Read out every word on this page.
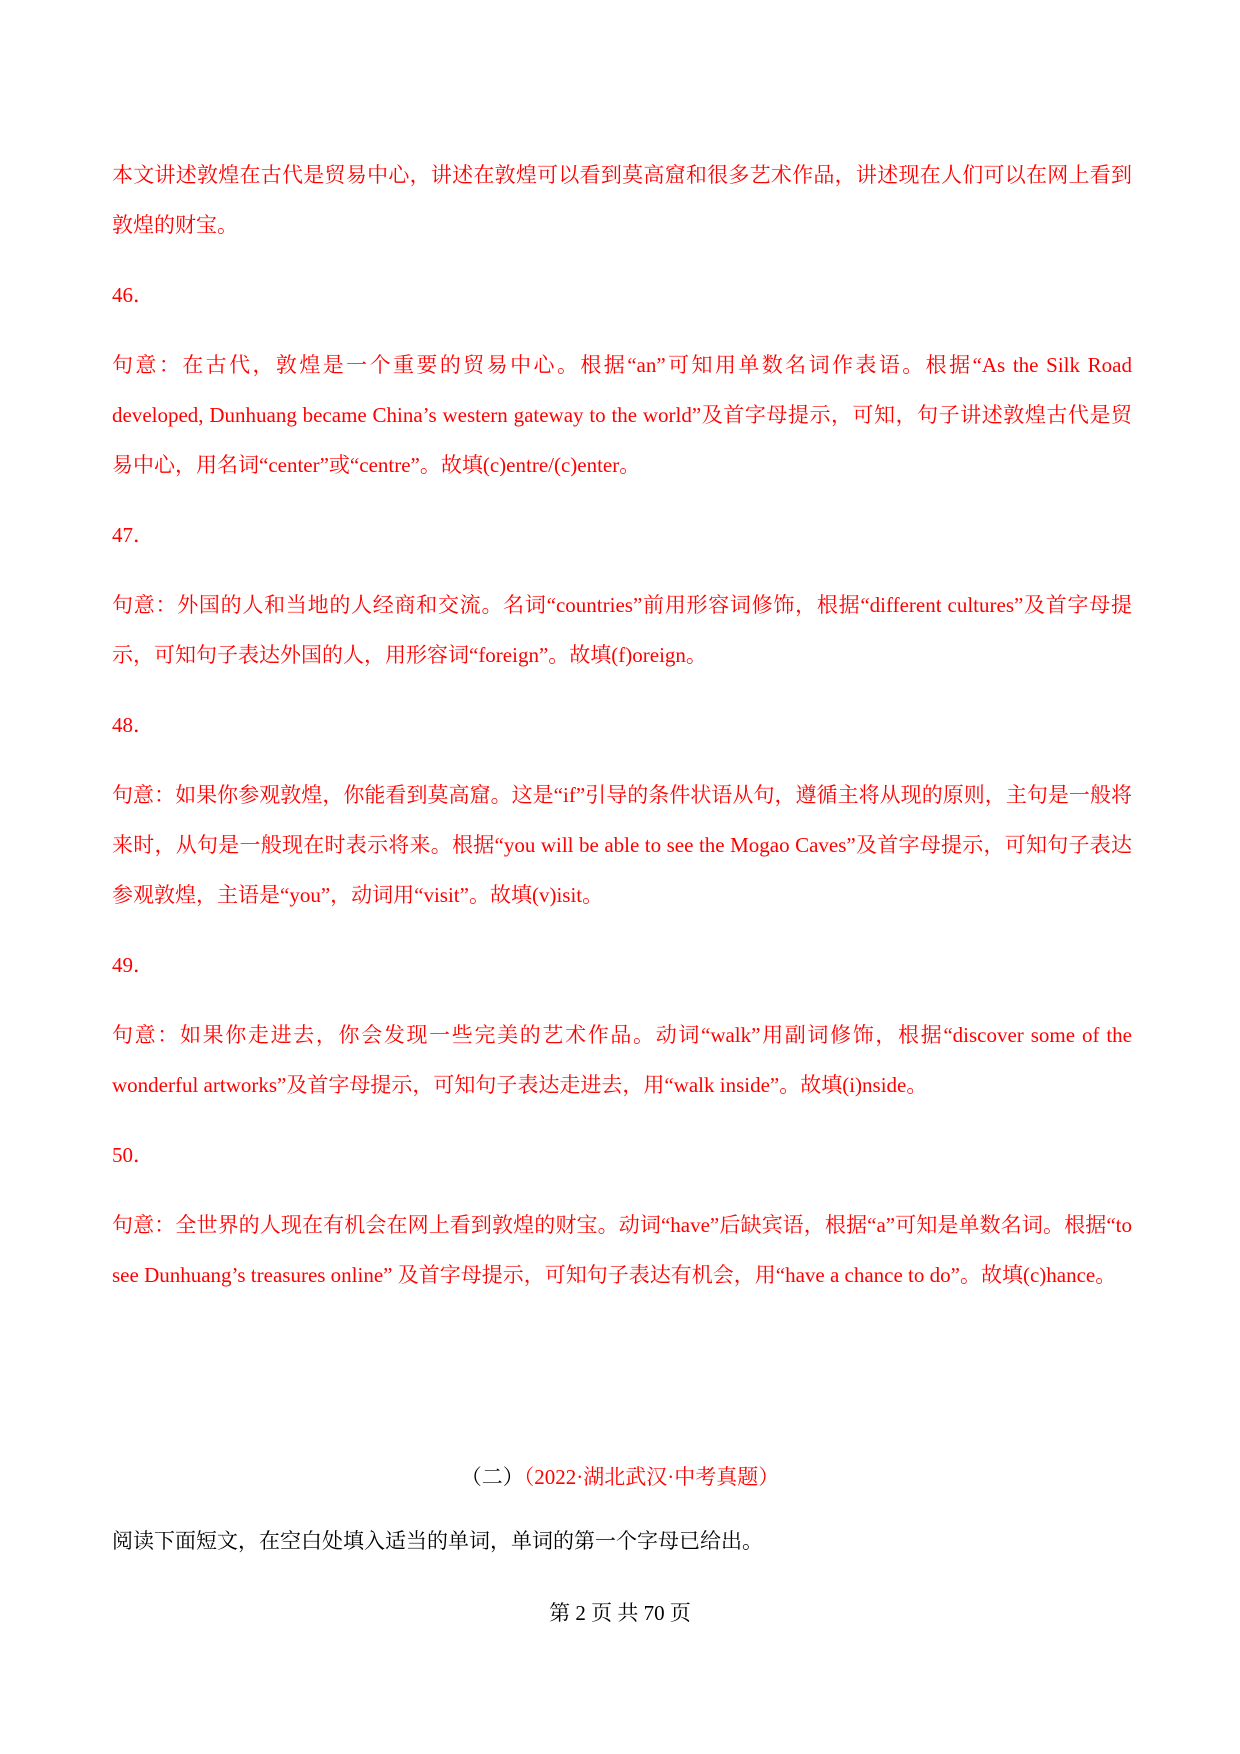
本文讲述敦煌在古代是贸易中心，讲述在敦煌可以看到莫高窟和很多艺术作品，讲述现在人们可以在网上看到敦煌的财宝。

46．

句意：在古代，敦煌是一个重要的贸易中心。根据“an”可知用单数名词作表语。根据“As the Silk Road developed, Dunhuang became China’s western gateway to the world”及首字母提示，可知，句子讲述敦煌古代是贸易中心，用名词“center”或“centre”。故填(c)entre/(c)enter。

47．

句意：外国的人和当地的人经商和交流。名词“countries”前用形容词修饰，根据“different cultures”及首字母提示，可知句子表达外国的人，用形容词“foreign”。故填(f)oreign。

48．

句意：如果你参观敦煌，你能看到莫高窟。这是“if”引导的条件状语从句，遵循主将从现的原则，主句是一般将来时，从句是一般现在时表示将来。根据“you will be able to see the Mogao Caves”及首字母提示，可知句子表达参观敦煌，主语是“you”，动词用“visit”。故填(v)isit。

49．

句意：如果你走进去，你会发现一些完美的艺术作品。动词“walk”用副词修饰，根据“discover some of the wonderful artworks”及首字母提示，可知句子表达走进去，用“walk inside”。故填(i)nside。

50．

句意：全世界的人现在有机会在网上看到敦煌的财宝。动词“have”后缺宾语，根据“a”可知是单数名词。根据“to see Dunhuang’s treasures online” 及首字母提示，可知句子表达有机会，用“have a chance to do”。故填(c)hance。

（二）（2022·湖北武汉·中考真题）
阅读下面短文，在空白处填入适当的单词，单词的第一个字母已给出。
第 2 页 共 70 页
